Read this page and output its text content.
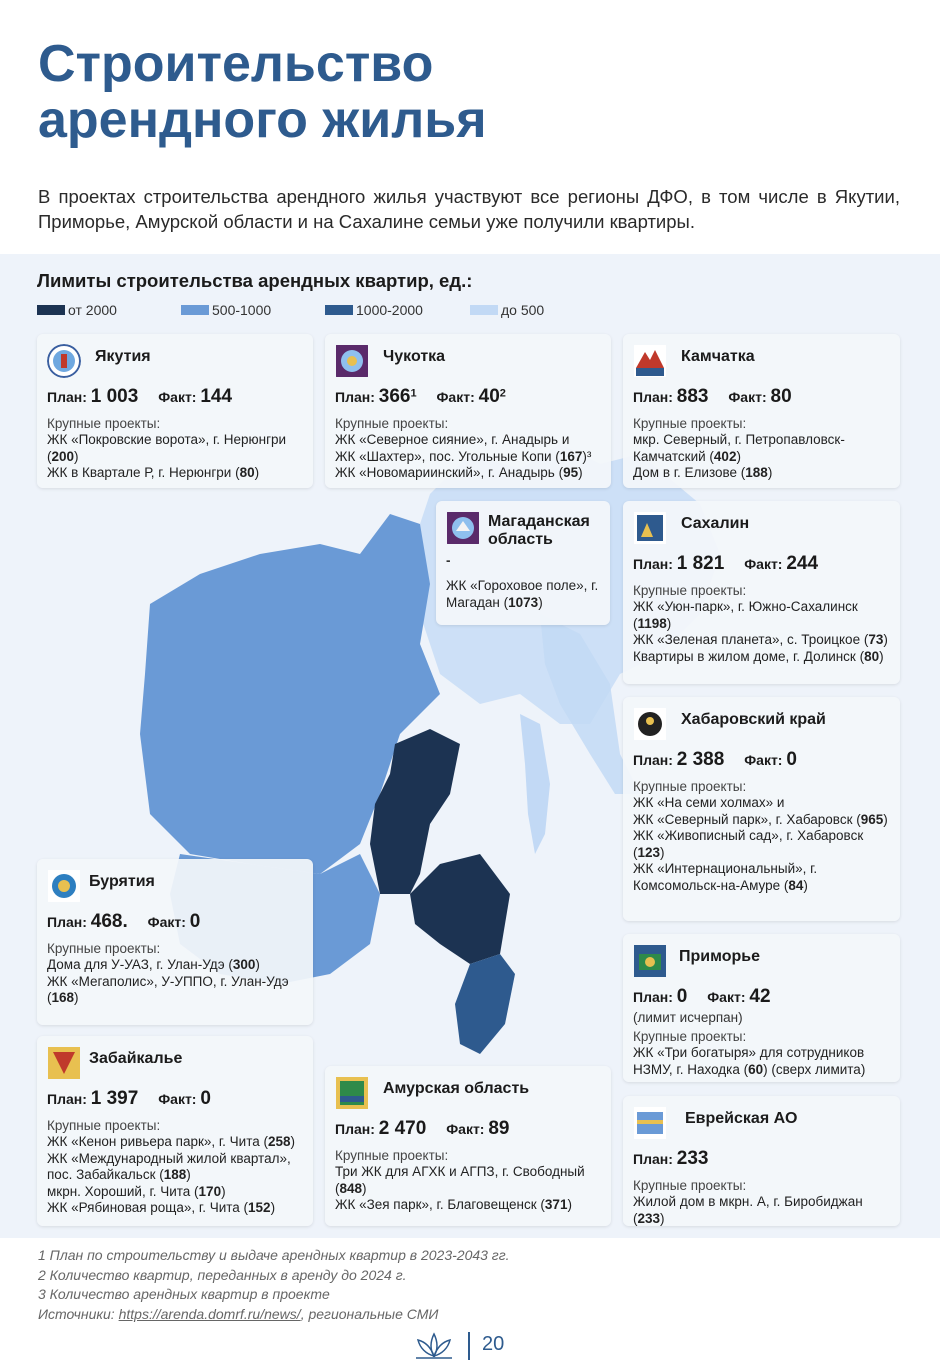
Строительство
арендного жилья

В проектах строительства арендного жилья участвуют все регионы ДФО, в том числе в Якутии, Приморье, Амурской области и на Сахалине семьи уже получили квартиры.

Лимиты строительства арендных квартир, ед.:
от 2000	500-1000	1000-2000	до 500
Якутия
План: 1 003 Факт: 144
Крупные проекты:
ЖК «Покровские ворота», г. Нерюнгри (200)
ЖК в Квартале Р, г. Нерюнгри (80)
Чукотка
План: $366^1$ Факт: $40^2$
Крупные проекты:
ЖК «Северное сияние», г. Анадырь и
ЖК «Шахтер», пос. Угольные Копи (167)³
ЖК «Новомариинский», г. Анадырь (95)
Камчатка
План: 883 Факт: 80
Крупные проекты:
мкр. Северный, г. Петропавловск-Камчатский (402)
Дом в г. Елизове (188)
Магаданская
область
-
ЖК «Гороховое поле», г. Магадан (1073)
Сахалин
План: 1 821 Факт: 244
Крупные проекты:
ЖК «Уюн-парк», г. Южно-Сахалинск (1198)
ЖК «Зеленая планета», с. Троицкое (73)
Квартиры в жилом доме, г. Долинск (80)
Хабаровский край
План: 2 388 Факт: 0
Крупные проекты:
ЖК «На семи холмах» и
ЖК «Северный парк», г. Хабаровск (965)
ЖК «Живописный сад», г. Хабаровск (123)
ЖК «Интернациональный», г. Комсомольск-на-Амуре (84)
Бурятия
План: 468. Факт: 0
Крупные проекты:
Дома для У-УАЗ, г. Улан-Удэ (300)
ЖК «Мегаполис», У-УППО, г. Улан-Удэ (168)
Забайкалье
План: 1 397 Факт: 0
Крупные проекты:
ЖК «Кенон ривьера парк», г. Чита (258)
ЖК «Международный жилой квартал», пос. Забайкальск (188)
мкрн. Хороший, г. Чита (170)
ЖК «Рябиновая роща», г. Чита (152)
Амурская область
План: 2 470 Факт: 89
Крупные проекты:
Три ЖК для АГХК и АГПЗ, г. Свободный (848)
ЖК «Зея парк», г. Благовещенск (371)
Приморье
План: 0 Факт: 42
(лимит исчерпан)
Крупные проекты:
ЖК «Три богатыря» для сотрудников НЗМУ, г. Находка (60) (сверх лимита)
Еврейская АО
План: 233
Крупные проекты:
Жилой дом в мкрн. А, г. Биробиджан (233)
1 План по строительству и выдаче арендных квартир в 2023-2043 гг.
2 Количество квартир, переданных в аренду до 2024 г.
3 Количество арендных квартир в проекте
Источники: https://arenda.domrf.ru/news/, региональные СМИ
20
